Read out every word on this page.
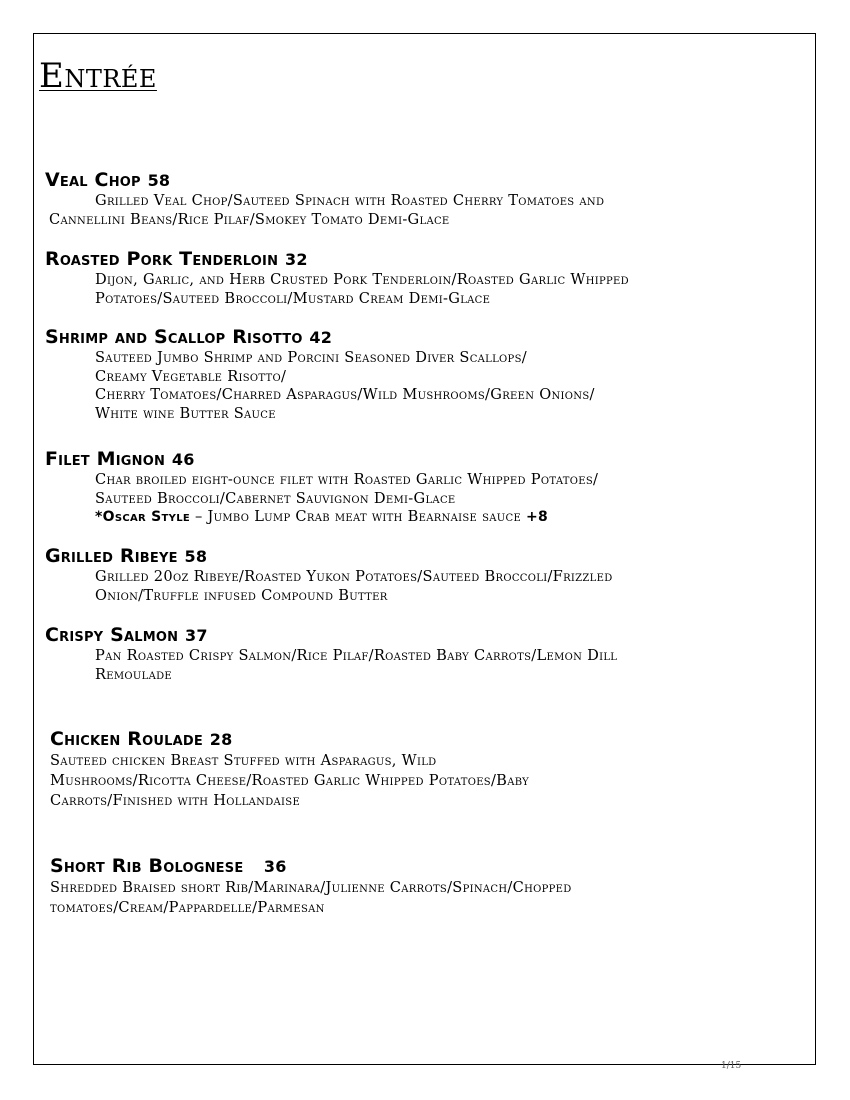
Entrée
Veal Chop 58
Grilled Veal Chop/Sauteed Spinach with Roasted Cherry Tomatoes and
Cannellini Beans/Rice Pilaf/Smokey Tomato Demi-Glace
Roasted Pork Tenderloin 32
Dijon, Garlic, and Herb Crusted Pork Tenderloin/Roasted Garlic Whipped
Potatoes/Sauteed Broccoli/Mustard Cream Demi-Glace
Shrimp and Scallop Risotto 42
Sauteed Jumbo Shrimp and Porcini Seasoned Diver Scallops/
Creamy Vegetable Risotto/
Cherry Tomatoes/Charred Asparagus/Wild Mushrooms/Green Onions/
White wine Butter Sauce
Filet Mignon 46
Char broiled eight-ounce filet with Roasted Garlic Whipped Potatoes/
Sauteed Broccoli/Cabernet Sauvignon Demi-Glace
*Oscar Style – Jumbo Lump Crab meat with Bearnaise sauce +8
Grilled Ribeye 58
Grilled 20oz Ribeye/Roasted Yukon Potatoes/Sauteed Broccoli/Frizzled
Onion/Truffle infused Compound Butter
Crispy Salmon 37
Pan Roasted Crispy Salmon/Rice Pilaf/Roasted Baby Carrots/Lemon Dill
Remoulade
Chicken Roulade 28
Sauteed chicken Breast Stuffed with Asparagus, Wild
Mushrooms/Ricotta Cheese/Roasted Garlic Whipped Potatoes/Baby
Carrots/Finished with Hollandaise
Short Rib Bolognese 36
Shredded Braised short Rib/Marinara/Julienne Carrots/Spinach/Chopped
tomatoes/Cream/Pappardelle/Parmesan
1/15
